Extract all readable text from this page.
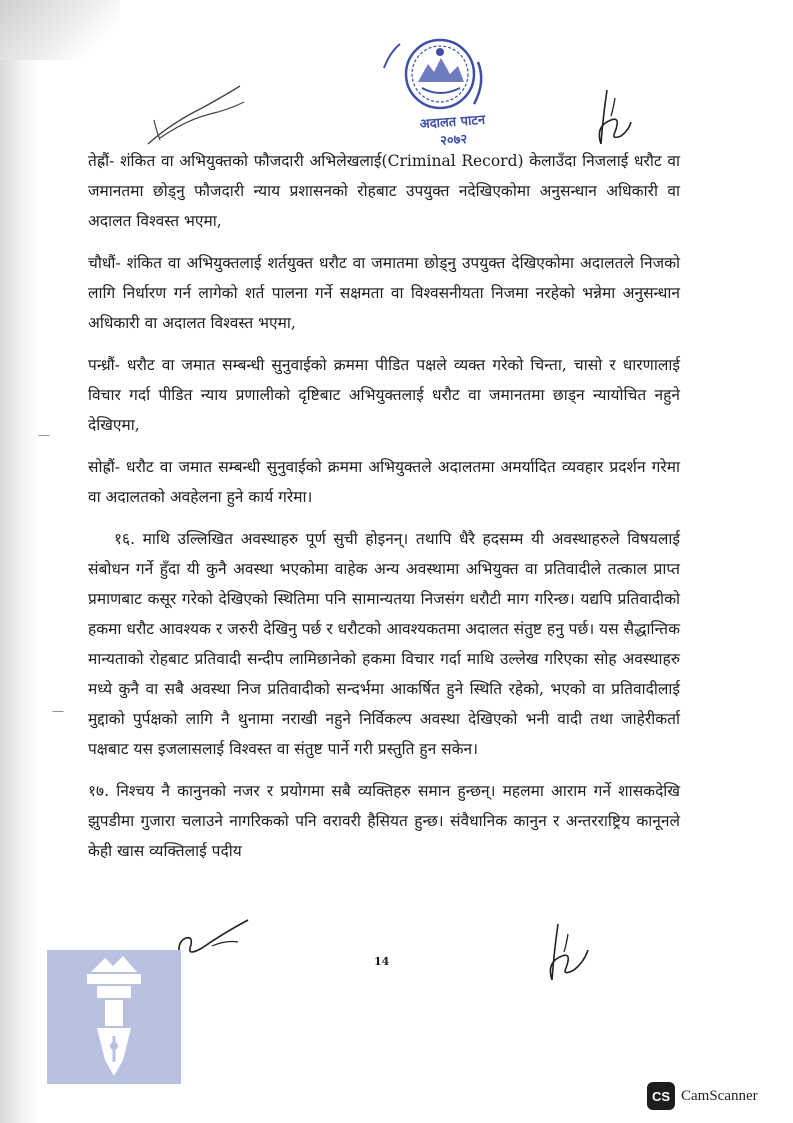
अदालत पाटन
२०७२

तेह्रौं- शंकित वा अभियुक्तको फौजदारी अभिलेखलाई(Criminal Record) केलाउँदा निजलाई धरौट वा जमानतमा छोड्नु फौजदारी न्याय प्रशासनको रोहबाट उपयुक्त नदेखिएकोमा अनुसन्धान अधिकारी वा अदालत विश्वस्त भएमा,

चौधौं- शंकित वा अभियुक्तलाई शर्तयुक्त धरौट वा जमातमा छोड्नु उपयुक्त देखिएकोमा अदालतले निजको लागि निर्धारण गर्न लागेको शर्त पालना गर्ने सक्षमता वा विश्वसनीयता निजमा नरहेको भन्नेमा अनुसन्धान अधिकारी वा अदालत विश्वस्त भएमा,

पन्ध्रौं- धरौट वा जमात सम्बन्धी सुनुवाईको क्रममा पीडित पक्षले व्यक्त गरेको चिन्ता, चासो र धारणालाई विचार गर्दा पीडित न्याय प्रणालीको दृष्टिबाट अभियुक्तलाई धरौट वा जमानतमा छाड्न न्यायोचित नहुने देखिएमा,

सोह्रौं- धरौट वा जमात सम्बन्धी सुनुवाईको क्रममा अभियुक्तले अदालतमा अमर्यादित व्यवहार प्रदर्शन गरेमा वा अदालतको अवहेलना हुने कार्य गरेमा।

१६. माथि उल्लिखित अवस्थाहरु पूर्ण सुची होइनन्। तथापि धैरै हदसम्म यी अवस्थाहरुले विषयलाई संबोधन गर्ने हुँदा यी कुनै अवस्था भएकोमा वाहेक अन्य अवस्थामा अभियुक्त वा प्रतिवादीले तत्काल प्राप्त प्रमाणबाट कसूर गरेको देखिएको स्थितिमा पनि सामान्यतया निजसंग धरौटी माग गरिन्छ। यद्यपि प्रतिवादीको हकमा धरौट आवश्यक र जरुरी देखिनु पर्छ र धरौटको आवश्यकतमा अदालत संतुष्ट हनु पर्छ। यस सैद्धान्तिक मान्यताको रोहबाट प्रतिवादी सन्दीप लामिछानेको हकमा विचार गर्दा माथि उल्लेख गरिएका सोह अवस्थाहरु मध्ये कुनै वा सबै अवस्था निज प्रतिवादीको सन्दर्भमा आकर्षित हुने स्थिति रहेको, भएको वा प्रतिवादीलाई मुद्दाको पुर्पक्षको लागि नै थुनामा नराखी नहुने निर्विकल्प अवस्था देखिएको भनी वादी तथा जाहेरीकर्ता पक्षबाट यस इजलासलाई विश्वस्त वा संतुष्ट पार्ने गरी प्रस्तुति हुन सकेन।

१७. निश्चय नै कानुनको नजर र प्रयोगमा सबै व्यक्तिहरु समान हुन्छन्। महलमा आराम गर्ने शासकदेखि झुपडीमा गुजारा चलाउने नागरिकको पनि वरावरी हैसियत हुन्छ। संवैधानिक कानुन र अन्तरराष्ट्रिय कानूनले केही खास व्यक्तिलाई पदीय

14
—
—
CS CamScanner
